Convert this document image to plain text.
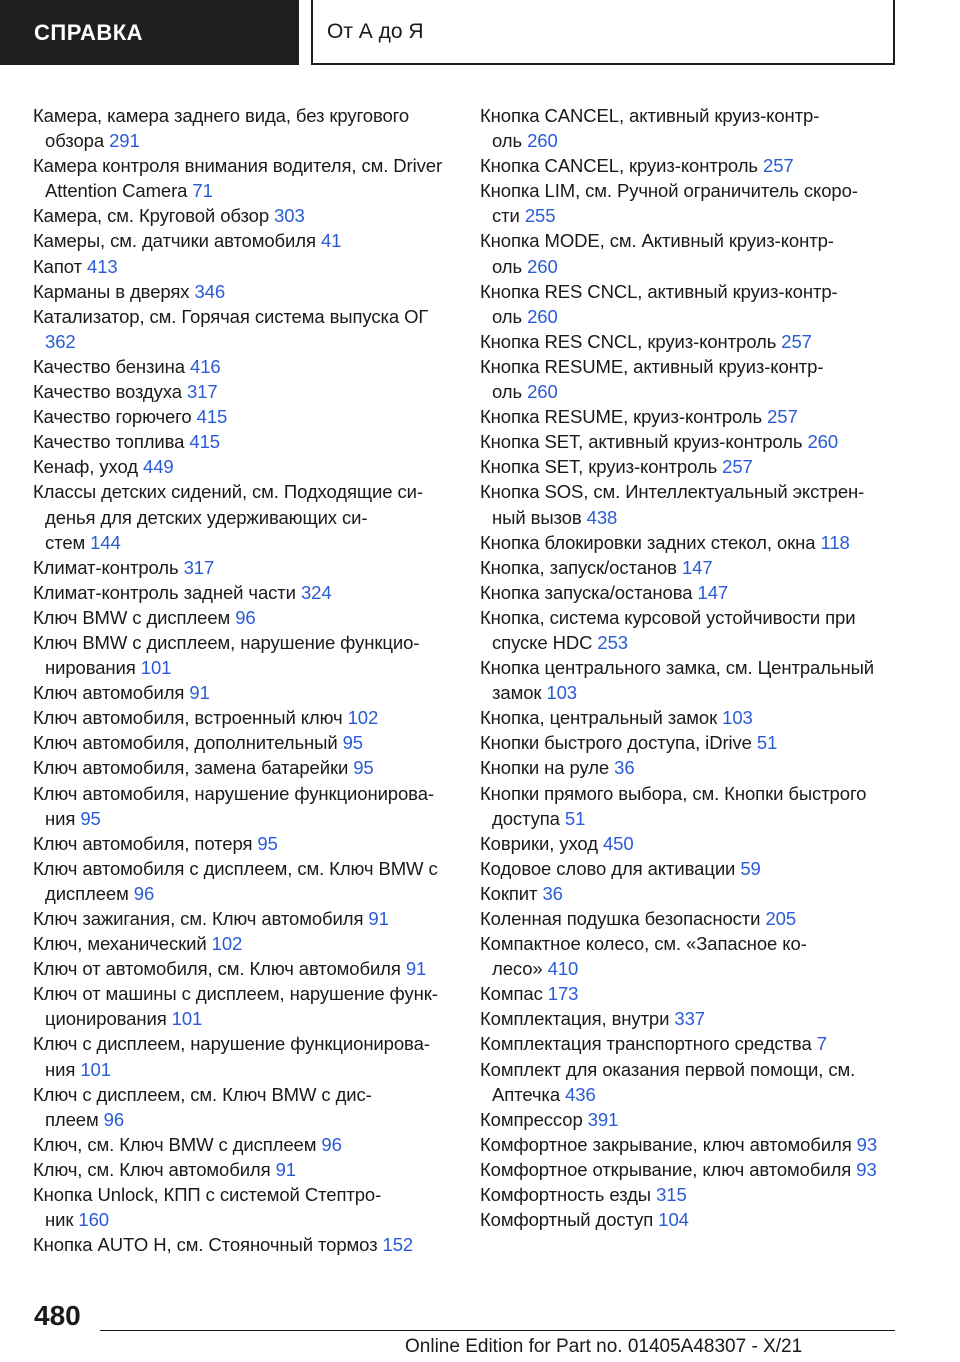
СПРАВКА	От А до Я
Камера, камера заднего вида, без кругового обзора 291
Камера контроля внимания водителя, см. Driver Attention Camera 71
Камера, см. Круговой обзор 303
Камеры, см. датчики автомобиля 41
Капот 413
Карманы в дверях 346
Катализатор, см. Горячая система выпуска ОГ 362
Качество бензина 416
Качество воздуха 317
Качество горючего 415
Качество топлива 415
Кенаф, уход 449
Классы детских сидений, см. Подходящие си-
денья для детских удерживающих си-
стем 144
Климат-контроль 317
Климат-контроль задней части 324
Ключ BMW с дисплеем 96
Ключ BMW с дисплеем, нарушение функцио-
нирования 101
Ключ автомобиля 91
Ключ автомобиля, встроенный ключ 102
Ключ автомобиля, дополнительный 95
Ключ автомобиля, замена батарейки 95
Ключ автомобиля, нарушение функционирова-
ния 95
Ключ автомобиля, потеря 95
Ключ автомобиля с дисплеем, см. Ключ BMW с дисплеем 96
Ключ зажигания, см. Ключ автомобиля 91
Ключ, механический 102
Ключ от автомобиля, см. Ключ автомобиля 91
Ключ от машины с дисплеем, нарушение функ-
ционирования 101
Ключ с дисплеем, нарушение функционирова-
ния 101
Ключ с дисплеем, см. Ключ BMW с дис-
плеем 96
Ключ, см. Ключ BMW с дисплеем 96
Ключ, см. Ключ автомобиля 91
Кнопка Unlock, КПП с системой Стептро-
ник 160
Кнопка AUTO H, см. Стояночный тормоз 152
Кнопка CANCEL, активный круиз-контр-
оль 260
Кнопка CANCEL, круиз-контроль 257
Кнопка LIM, см. Ручной ограничитель скоро-
сти 255
Кнопка MODE, см. Активный круиз-контр-
оль 260
Кнопка RES CNCL, активный круиз-контр-
оль 260
Кнопка RES CNCL, круиз-контроль 257
Кнопка RESUME, активный круиз-контр-
оль 260
Кнопка RESUME, круиз-контроль 257
Кнопка SET, активный круиз-контроль 260
Кнопка SET, круиз-контроль 257
Кнопка SOS, см. Интеллектуальный экстрен-
ный вызов 438
Кнопка блокировки задних стекол, окна 118
Кнопка, запуск/останов 147
Кнопка запуска/останова 147
Кнопка, система курсовой устойчивости при спуске HDC 253
Кнопка центрального замка, см. Центральный замок 103
Кнопка, центральный замок 103
Кнопки быстрого доступа, iDrive 51
Кнопки на руле 36
Кнопки прямого выбора, см. Кнопки быстрого доступа 51
Коврики, уход 450
Кодовое слово для активации 59
Кокпит 36
Коленная подушка безопасности 205
Компактное колесо, см. «Запасное ко-
лесо» 410
Компас 173
Комплектация, внутри 337
Комплектация транспортного средства 7
Комплект для оказания первой помощи, см. Аптечка 436
Компрессор 391
Комфортное закрывание, ключ автомобиля 93
Комфортное открывание, ключ автомобиля 93
Комфортность езды 315
Комфортный доступ 104
480
Online Edition for Part no. 01405A48307 - X/21
